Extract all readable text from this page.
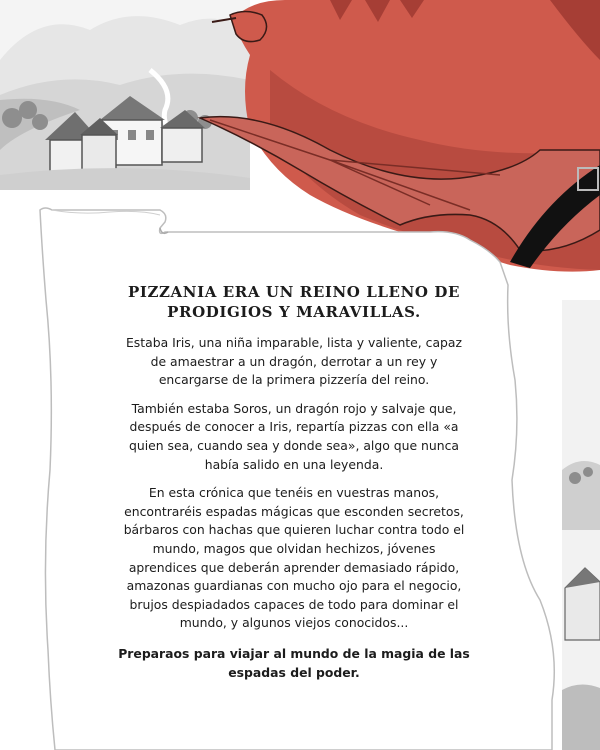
PIZZANIA ERA UN REINO LLENO DE PRODIGIOS Y MARAVILLAS.

Estaba Iris, una niña imparable, lista y valiente, capaz de amaestrar a un dragón, derrotar a un rey y encargarse de la primera pizzería del reino.

También estaba Soros, un dragón rojo y salvaje que, después de conocer a Iris, repartía pizzas con ella «a quien sea, cuando sea y donde sea», algo que nunca había salido en una leyenda.

En esta crónica que tenéis en vuestras manos, encontraréis espadas mágicas que esconden secretos, bárbaros con hachas que quieren luchar contra todo el mundo, magos que olvidan hechizos, jóvenes aprendices que deberán aprender demasiado rápido, amazonas guardianas con mucho ojo para el negocio, brujos despiadados capaces de todo para dominar el mundo, y algunos viejos conocidos...

Preparaos para viajar al mundo de la magia de las espadas del poder.
